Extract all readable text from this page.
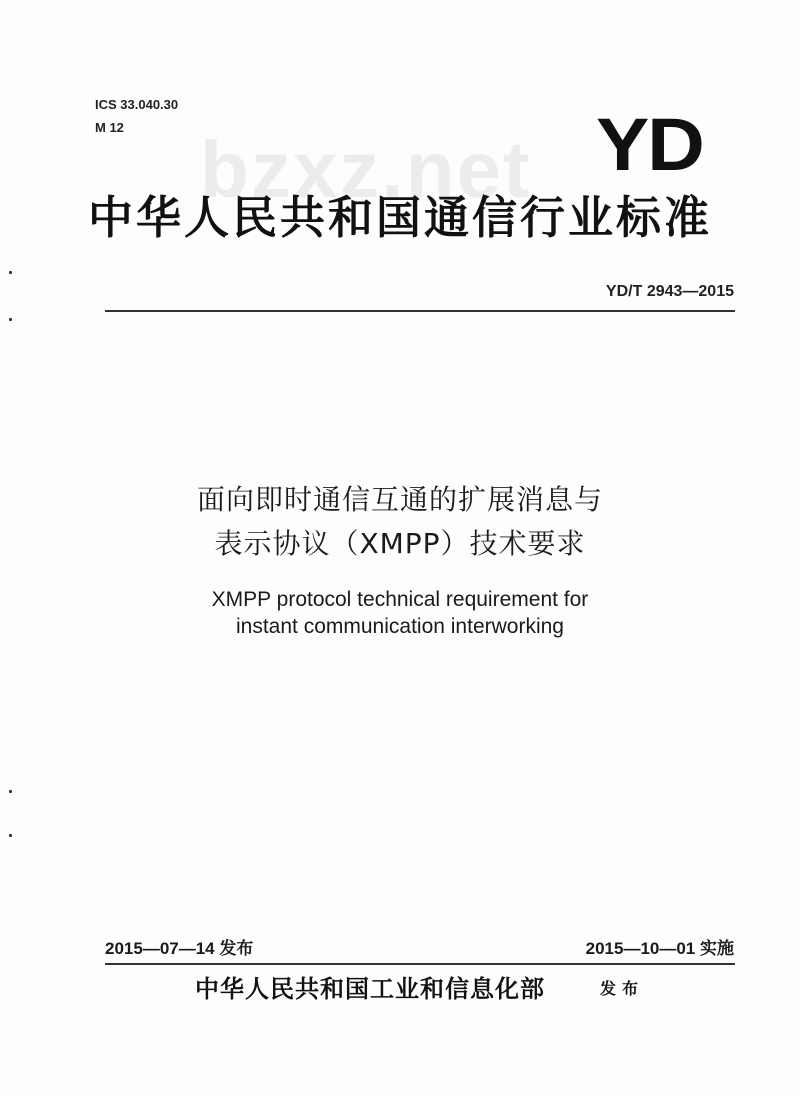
bzxz.net
ICS 33.040.30
M 12	YD
中华人民共和国通信行业标准
YD/T 2943—2015
面向即时通信互通的扩展消息与
表示协议（XMPP）技术要求
XMPP protocol technical requirement for
instant communication interworking
2015—07—14 发布	2015—10—01 实施
中华人民共和国工业和信息化部	发布
